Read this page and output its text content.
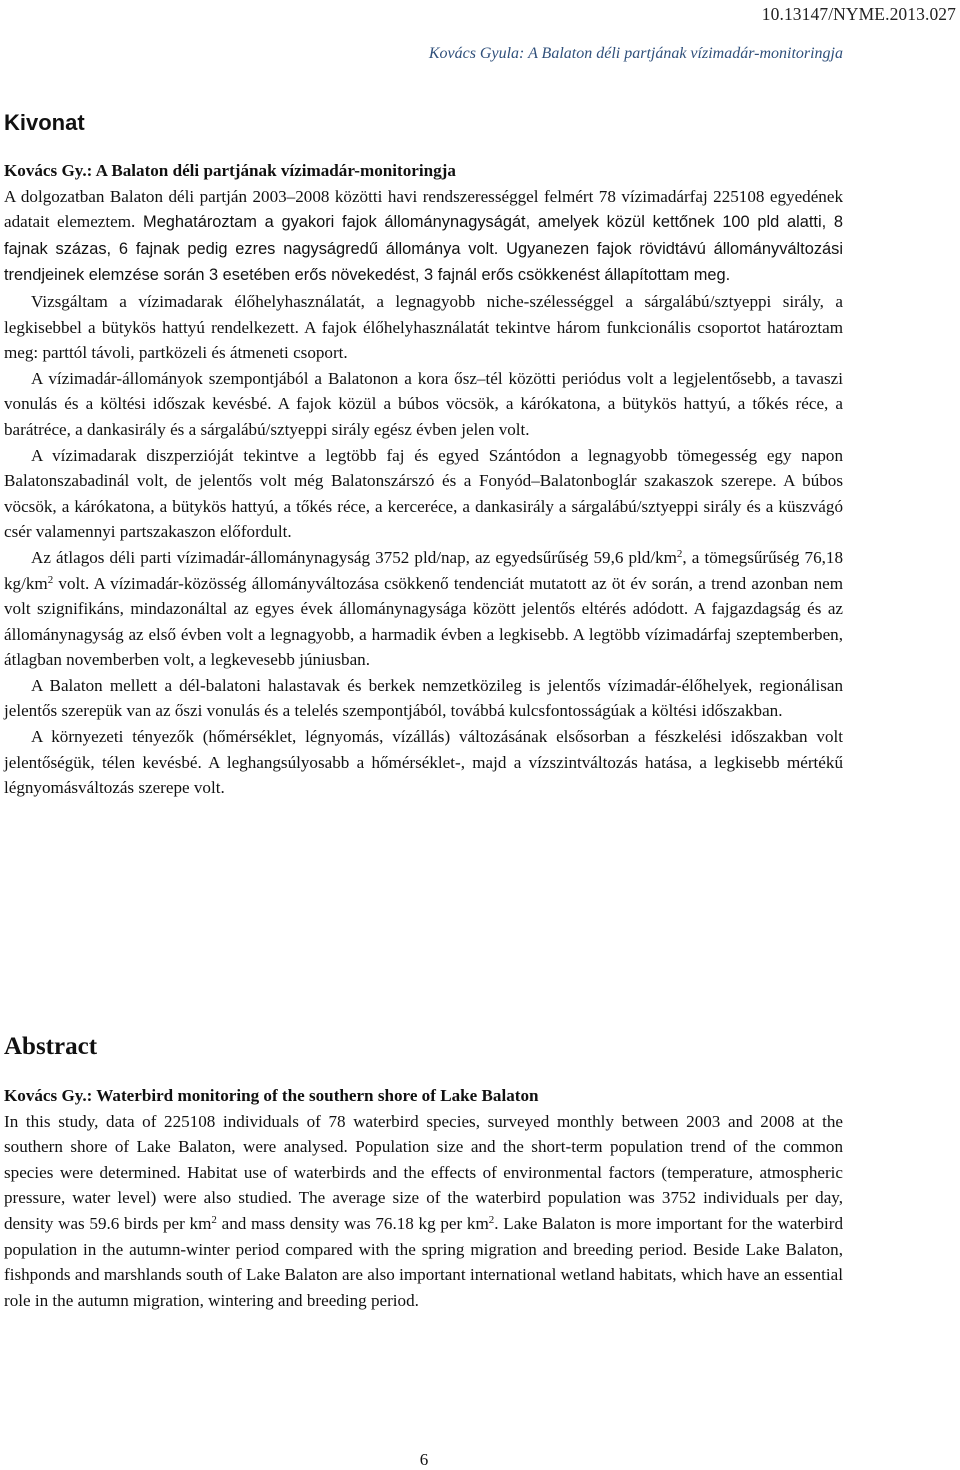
10.13147/NYME.2013.027
Kovács Gyula: A Balaton déli partjának vízimadár-monitoringja
Kivonat

Kovács Gy.: A Balaton déli partjának vízimadár-monitoringja

A dolgozatban Balaton déli partján 2003–2008 közötti havi rendszerességgel felmért 78 vízimadárfaj 225108 egyedének adatait elemeztem. Meghatároztam a gyakori fajok állománynagyságát, amelyek közül kettőnek 100 pld alatti, 8 fajnak százas, 6 fajnak pedig ezres nagyságredű állománya volt. Ugyanezen fajok rövidtávú állományváltozási trendjeinek elemzése során 3 esetében erős növekedést, 3 fajnál erős csökkenést állapítottam meg.

Vizsgáltam a vízimadarak élőhelyhasználatát, a legnagyobb niche-szélességgel a sárgalábú/sztyeppi sirály, a legkisebbel a bütykös hattyú rendelkezett. A fajok élőhelyhasználatát tekintve három funkcionális csoportot határoztam meg: parttól távoli, partközeli és átmeneti csoport.

A vízimadár-állományok szempontjából a Balatonon a kora ősz–tél közötti periódus volt a legjelentősebb, a tavaszi vonulás és a költési időszak kevésbé. A fajok közül a búbos vöcsök, a kárókatona, a bütykös hattyú, a tőkés réce, a barátréce, a dankasirály és a sárgalábú/sztyeppi sirály egész évben jelen volt.

A vízimadarak diszperzióját tekintve a legtöbb faj és egyed Szántódon a legnagyobb tömegesség egy napon Balatonszabadinál volt, de jelentős volt még Balatonszárszó és a Fonyód–Balatonboglár szakaszok szerepe. A búbos vöcsök, a kárókatona, a bütykös hattyú, a tőkés réce, a kerceréce, a dankasirály a sárgalábú/sztyeppi sirály és a küszvágó csér valamennyi partszakaszon előfordult.

Az átlagos déli parti vízimadár-állománynagyság 3752 pld/nap, az egyedsűrűség 59,6 pld/$km^2$, a tömegsűrűség 76,18 $kg/km^2$ volt. A vízimadár-közösség állományváltozása csökkenő tendenciát mutatott az öt év során, a trend azonban nem volt szignifikáns, mindazonáltal az egyes évek állománynagysága között jelentős eltérés adódott. A fajgazdagság és az állománynagyság az első évben volt a legnagyobb, a harmadik évben a legkisebb. A legtöbb vízimadárfaj szeptemberben, átlagban novemberben volt, a legkevesebb júniusban.

A Balaton mellett a dél-balatoni halastavak és berkek nemzetközileg is jelentős vízimadár-élőhelyek, regionálisan jelentős szerepük van az őszi vonulás és a telelés szempontjából, továbbá kulcsfontosságúak a költési időszakban.

A környezeti tényezők (hőmérséklet, légnyomás, vízállás) változásának elsősorban a fészkelési időszakban volt jelentőségük, télen kevésbé. A leghangsúlyosabb a hőmérséklet-, majd a vízszintváltozás hatása, a legkisebb mértékű légnyomásváltozás szerepe volt.

Abstract

Kovács Gy.: Waterbird monitoring of the southern shore of Lake Balaton

In this study, data of 225108 individuals of 78 waterbird species, surveyed monthly between 2003 and 2008 at the southern shore of Lake Balaton, were analysed. Population size and the short-term population trend of the common species were determined. Habitat use of waterbirds and the effects of environmental factors (temperature, atmospheric pressure, water level) were also studied. The average size of the waterbird population was 3752 individuals per day, density was 59.6 birds per $km^2$ and mass density was 76.18 kg per $km^2$. Lake Balaton is more important for the waterbird population in the autumn-winter period compared with the spring migration and breeding period. Beside Lake Balaton, fishponds and marshlands south of Lake Balaton are also important international wetland habitats, which have an essential role in the autumn migration, wintering and breeding period.

6
